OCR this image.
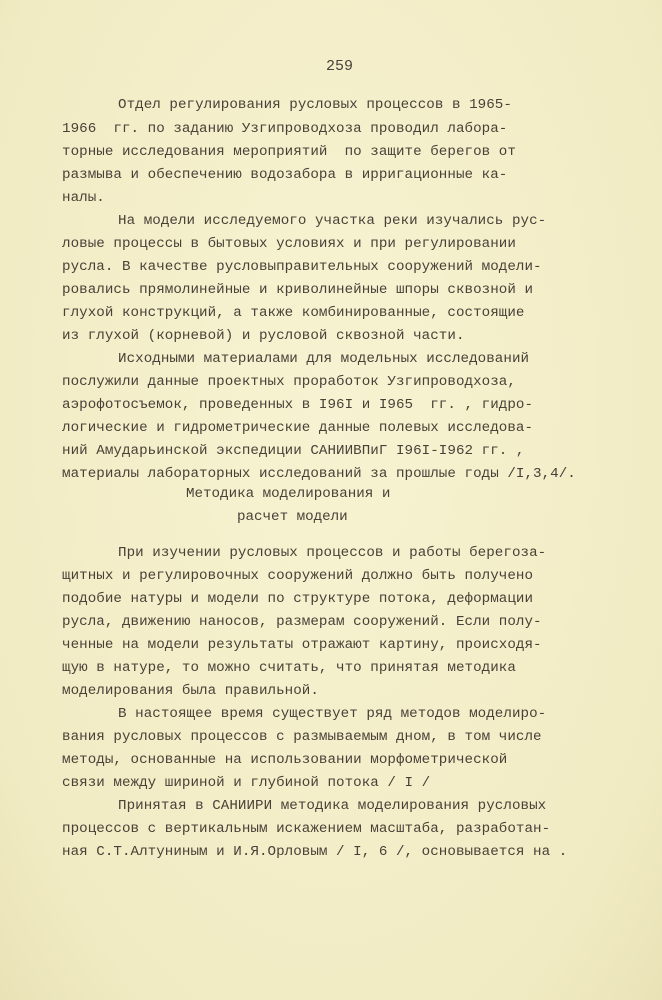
259
Отдел регулирования русловых процессов в 1965-
1966  гг. по заданию Узгипроводхоза проводил лабора-
торные исследования мероприятий  по защите берегов от
размыва и обеспечению водозабора в ирригационные ка-
налы.
На модели исследуемого участка реки изучались рус-
ловые процессы в бытовых условиях и при регулировании
русла. В качестве русловыправительных сооружений модели-
ровались прямолинейные и криволинейные шпоры сквозной и
глухой конструкций, а также комбинированные, состоящие
из глухой (корневой) и русловой сквозной части.
Исходными материалами для модельных исследований
послужили данные проектных проработок Узгипроводхоза,
аэрофотосъемок, проведенных в I96I и I965  гг. , гидро-
логические и гидрометрические данные полевых исследова-
ний Амударьинской экспедиции САНИИВПиГ I96I-I962 гг. ,
материалы лабораторных исследований за прошлые годы /I,3,4/.
Методика моделирования и
расчет модели
При изучении русловых процессов и работы берегоза-
щитных и регулировочных сооружений должно быть получено
подобие натуры и модели по структуре потока, деформации
русла, движению наносов, размерам сооружений. Если полу-
ченные на модели результаты отражают картину, происходя-
щую в натуре, то можно считать, что принятая методика
моделирования была правильной.
В настоящее время существует ряд методов моделиро-
вания русловых процессов с размываемым дном, в том числе
методы, основанные на использовании морфометрической
связи между шириной и глубиной потока / I /
Принятая в САНИИРИ методика моделирования русловых
процессов с вертикальным искажением масштаба, разработан-
ная С.Т.Алтуниным и И.Я.Орловым / I, 6 /, основывается на .
